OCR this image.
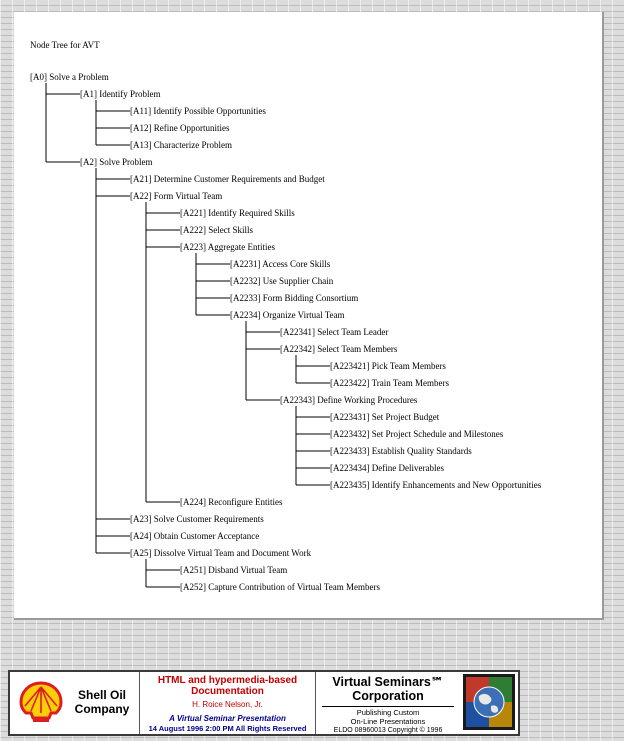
Node Tree for AVT
[A0] Solve a Problem
[A1] Identify Problem
[A11] Identify Possible Opportunities
[A12] Refine Opportunities
[A13] Characterize Problem
[A2] Solve Problem
[A21] Determine Customer Requirements and Budget
[A22] Form Virtual Team
[A221] Identify Required Skills
[A222] Select Skills
[A223] Aggregate Entities
[A2231] Access Core Skills
[A2232] Use Supplier Chain
[A2233] Form Bidding Consortium
[A2234] Organize Virtual Team
[A22341] Select Team Leader
[A22342] Select Team Members
[A223421] Pick Team Members
[A223422] Train Team Members
[A22343] Define Working Procedures
[A223431] Set Project Budget
[A223432] Set Project Schedule and Milestones
[A223433] Establish Quality Standards
[A223434] Define Deliverables
[A223435] Identify Enhancements and New Opportunities
[A224] Reconfigure Entities
[A23] Solve Customer Requirements
[A24] Obtain Customer Acceptance
[A25] Dissolve Virtual Team and Document Work
[A251] Disband Virtual Team
[A252] Capture Contribution of Virtual Team Members
Shell Oil
Company
HTML and hypermedia-based Documentation
H. Roice Nelson, Jr.
A Virtual Seminar Presentation
14 August 1996 2:00 PM All Rights Reserved
Virtual Seminars℠ Corporation
Publishing Custom
On-Line Presentations
ELDO 08960013 Copyright © 1996
